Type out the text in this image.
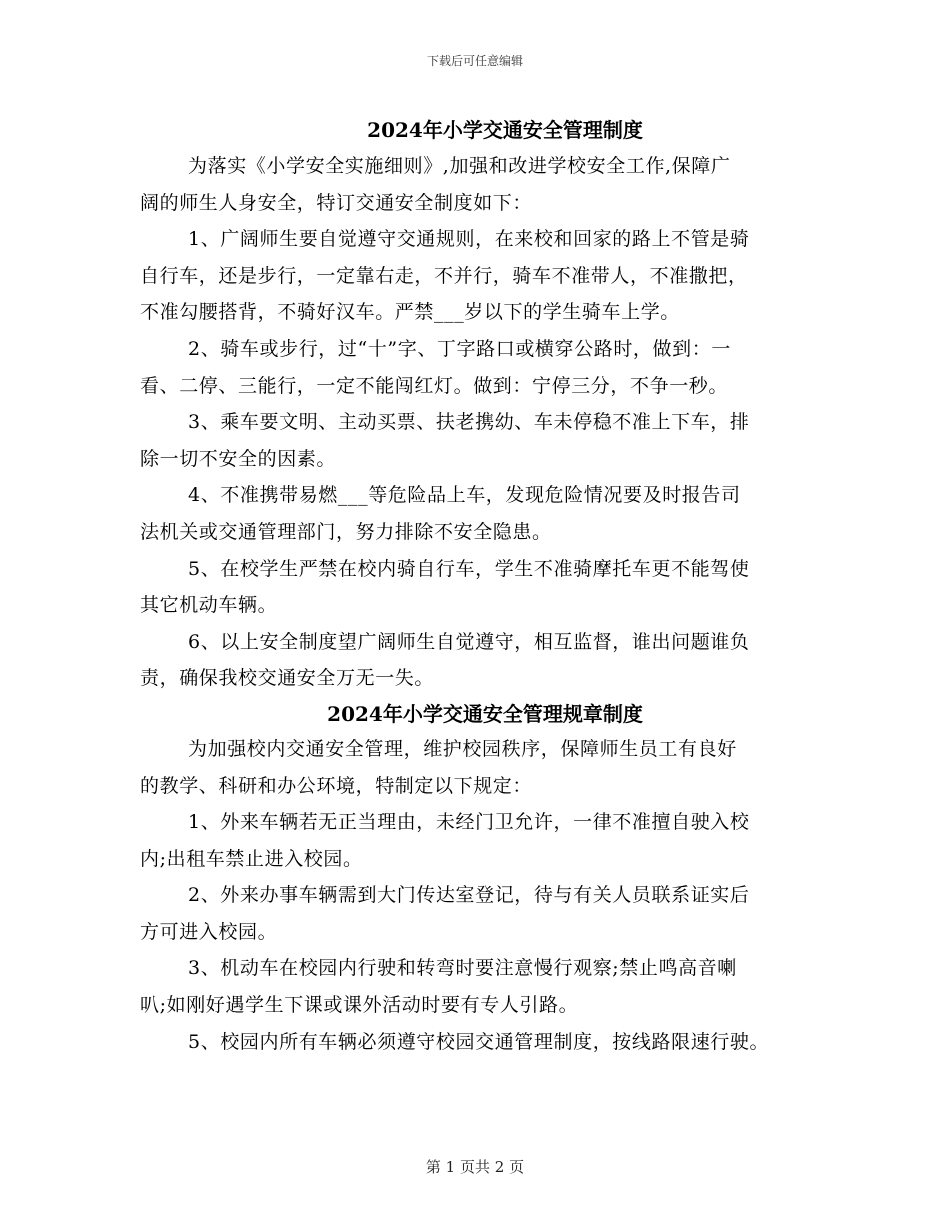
下载后可任意编辑
2024年小学交通安全管理制度
为落实《小学安全实施细则》,加强和改进学校安全工作,保障广
阔的师生人身安全，特订交通安全制度如下：
1、广阔师生要自觉遵守交通规则，在来校和回家的路上不管是骑
自行车，还是步行，一定靠右走，不并行，骑车不准带人，不准撒把，
不准勾腰搭背，不骑好汉车。严禁___岁以下的学生骑车上学。
2、骑车或步行，过“十”字、丁字路口或横穿公路时，做到：一
看、二停、三能行，一定不能闯红灯。做到：宁停三分，不争一秒。
3、乘车要文明、主动买票、扶老携幼、车未停稳不准上下车，排
除一切不安全的因素。
4、不准携带易燃___等危险品上车，发现危险情况要及时报告司
法机关或交通管理部门，努力排除不安全隐患。
5、在校学生严禁在校内骑自行车，学生不准骑摩托车更不能驾使
其它机动车辆。
6、以上安全制度望广阔师生自觉遵守，相互监督，谁出问题谁负
责，确保我校交通安全万无一失。
2024年小学交通安全管理规章制度
为加强校内交通安全管理，维护校园秩序，保障师生员工有良好
的教学、科研和办公环境，特制定以下规定：
1、外来车辆若无正当理由，未经门卫允许，一律不准擅自驶入校
内;出租车禁止进入校园。
2、外来办事车辆需到大门传达室登记，待与有关人员联系证实后
方可进入校园。
3、机动车在校园内行驶和转弯时要注意慢行观察;禁止鸣高音喇
叭;如刚好遇学生下课或课外活动时要有专人引路。
5、校园内所有车辆必须遵守校园交通管理制度，按线路限速行驶。
第 1 页共 2 页
